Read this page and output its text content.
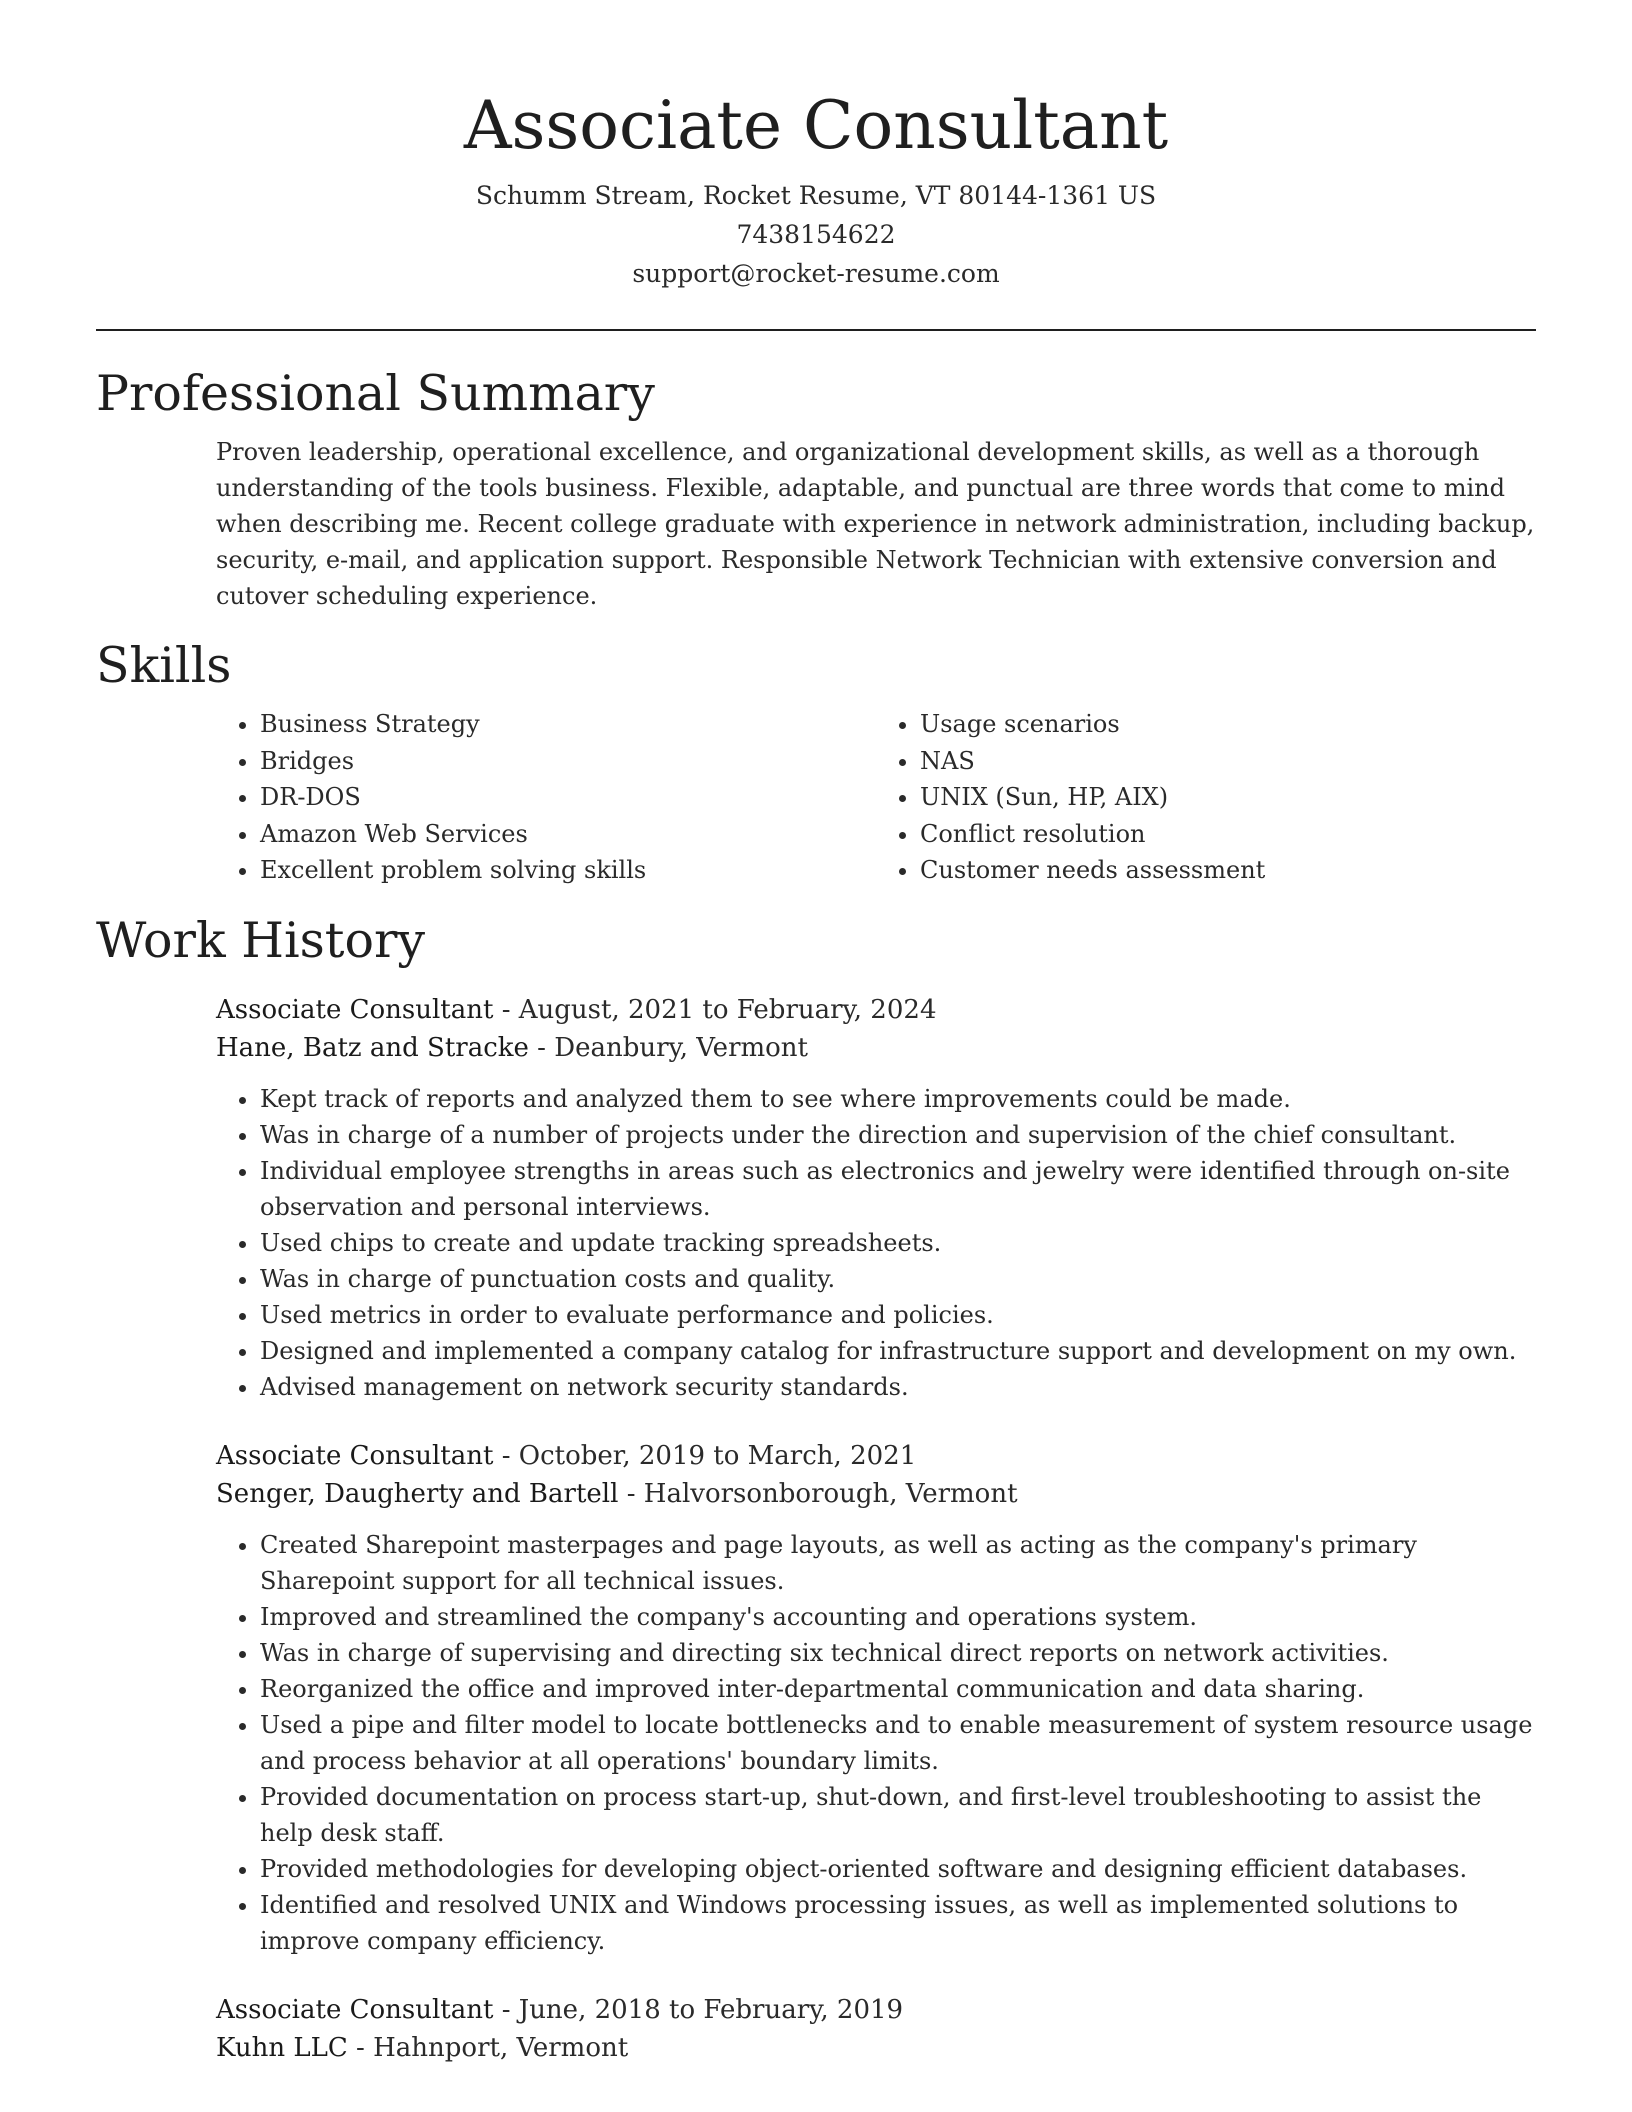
Associate Consultant
Schumm Stream, Rocket Resume, VT 80144-1361 US
7438154622
support@rocket-resume.com
Professional Summary

Proven leadership, operational excellence, and organizational development skills, as well as a thorough understanding of the tools business. Flexible, adaptable, and punctual are three words that come to mind when describing me. Recent college graduate with experience in network administration, including backup, security, e-mail, and application support. Responsible Network Technician with extensive conversion and cutover scheduling experience.

Skills
• Business Strategy
• Bridges
• DR-DOS
• Amazon Web Services
• Excellent problem solving skills
• Usage scenarios
• NAS
• UNIX (Sun, HP, AIX)
• Conflict resolution
• Customer needs assessment
Work History
Associate Consultant - August, 2021 to February, 2024
Hane, Batz and Stracke - Deanbury, Vermont
• Kept track of reports and analyzed them to see where improvements could be made.
• Was in charge of a number of projects under the direction and supervision of the chief consultant.
• Individual employee strengths in areas such as electronics and jewelry were identified through on-site observation and personal interviews.
• Used chips to create and update tracking spreadsheets.
• Was in charge of punctuation costs and quality.
• Used metrics in order to evaluate performance and policies.
• Designed and implemented a company catalog for infrastructure support and development on my own.
• Advised management on network security standards.
Associate Consultant - October, 2019 to March, 2021
Senger, Daugherty and Bartell - Halvorsonborough, Vermont
• Created Sharepoint masterpages and page layouts, as well as acting as the company's primary Sharepoint support for all technical issues.
• Improved and streamlined the company's accounting and operations system.
• Was in charge of supervising and directing six technical direct reports on network activities.
• Reorganized the office and improved inter-departmental communication and data sharing.
• Used a pipe and filter model to locate bottlenecks and to enable measurement of system resource usage and process behavior at all operations' boundary limits.
• Provided documentation on process start-up, shut-down, and first-level troubleshooting to assist the help desk staff.
• Provided methodologies for developing object-oriented software and designing efficient databases.
• Identified and resolved UNIX and Windows processing issues, as well as implemented solutions to improve company efficiency.
Associate Consultant - June, 2018 to February, 2019
Kuhn LLC - Hahnport, Vermont
